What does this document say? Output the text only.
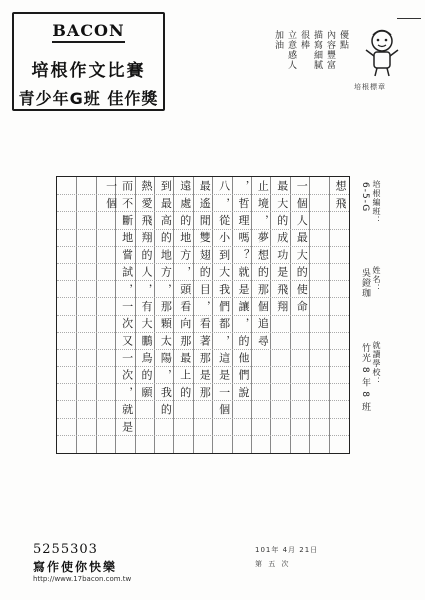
BACON
培根作文比賽
青少年G班 佳作獎
優點
內容豐富
描寫細膩
很棒
立意感人
加油
培根標章
想飛
一個人最大的使命
最大的成功是飛翔
止境，夢想的那個追尋
，哲理嗎？就是讓，的他們說
八，從小到大我們都，這是一個
最遙閒雙翅的目，看著那是那
遠處的地方，頭看向那最上的
到最高的地方，那顆太陽，我的
熱愛飛翔的人，有大鵬鳥的願
而不斷地嘗試，一次又一次，就是一個	培根編班：
6-5-G
姓名：
吳鐙珈
就讀學校：
竹光 8 年 8 班
5255303
寫作使你快樂
http://www.17bacon.com.tw
101年 4月 21日
第 五 次
